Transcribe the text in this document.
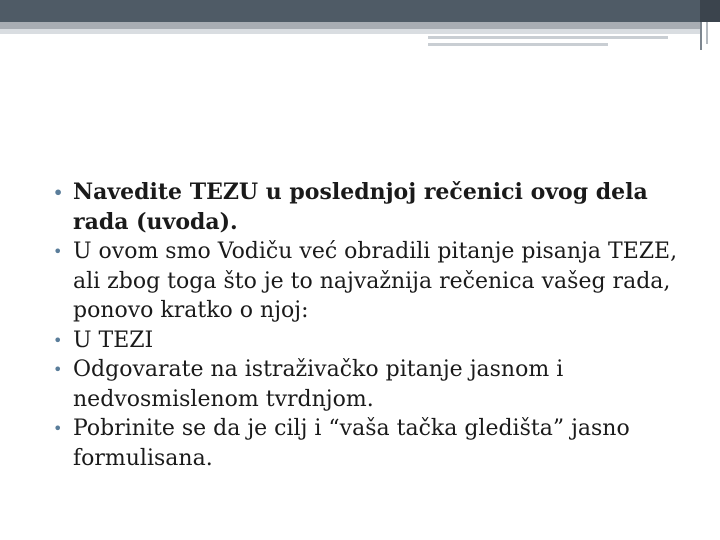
• Navedite TEZU u poslednjoj rečenici ovog dela rada (uvoda).
• U ovom smo Vodiču već obradili pitanje pisanja TEZE, ali zbog toga što je to najvažnija rečenica vašeg rada, ponovo kratko o njoj:
• U TEZI
• Odgovarate na istraživačko pitanje jasnom i nedvosmislenom tvrdnjom.
• Pobrinite se da je cilj i “vaša tačka gledišta” jasno formulisana.
